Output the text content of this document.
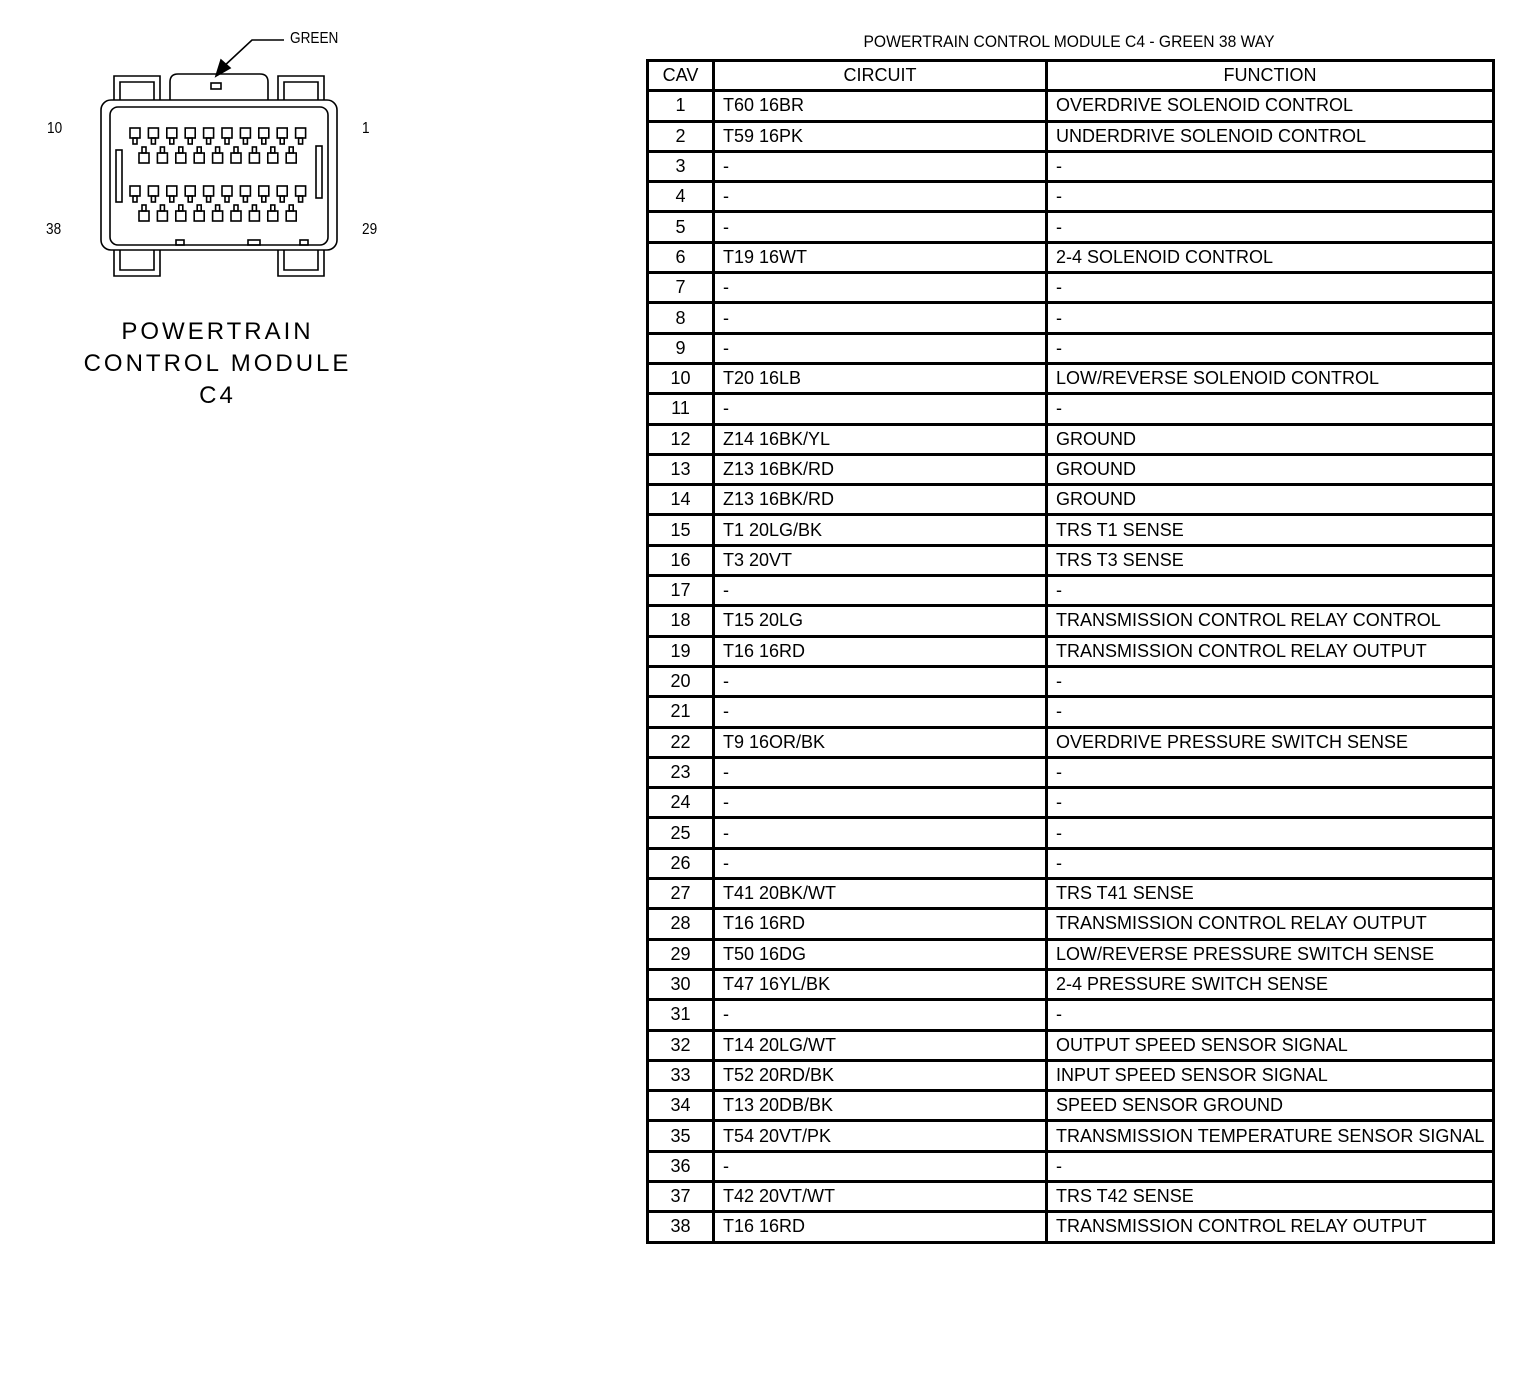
GREEN
10	1
38	29
POWERTRAIN
CONTROL MODULE
C4
POWERTRAIN CONTROL MODULE C4 - GREEN 38 WAY
CAV	CIRCUIT	FUNCTION
1	T60 16BR	OVERDRIVE SOLENOID CONTROL
2	T59 16PK	UNDERDRIVE SOLENOID CONTROL
3	-	-
4	-	-
5	-	-
6	T19 16WT	2-4 SOLENOID CONTROL
7	-	-
8	-	-
9	-	-
10	T20 16LB	LOW/REVERSE SOLENOID CONTROL
11	-	-
12	Z14 16BK/YL	GROUND
13	Z13 16BK/RD	GROUND
14	Z13 16BK/RD	GROUND
15	T1 20LG/BK	TRS T1 SENSE
16	T3 20VT	TRS T3 SENSE
17	-	-
18	T15 20LG	TRANSMISSION CONTROL RELAY CONTROL
19	T16 16RD	TRANSMISSION CONTROL RELAY OUTPUT
20	-	-
21	-	-
22	T9 16OR/BK	OVERDRIVE PRESSURE SWITCH SENSE
23	-	-
24	-	-
25	-	-
26	-	-
27	T41 20BK/WT	TRS T41 SENSE
28	T16 16RD	TRANSMISSION CONTROL RELAY OUTPUT
29	T50 16DG	LOW/REVERSE PRESSURE SWITCH SENSE
30	T47 16YL/BK	2-4 PRESSURE SWITCH SENSE
31	-	-
32	T14 20LG/WT	OUTPUT SPEED SENSOR SIGNAL
33	T52 20RD/BK	INPUT SPEED SENSOR SIGNAL
34	T13 20DB/BK	SPEED SENSOR GROUND
35	T54 20VT/PK	TRANSMISSION TEMPERATURE SENSOR SIGNAL
36	-	-
37	T42 20VT/WT	TRS T42 SENSE
38	T16 16RD	TRANSMISSION CONTROL RELAY OUTPUT
